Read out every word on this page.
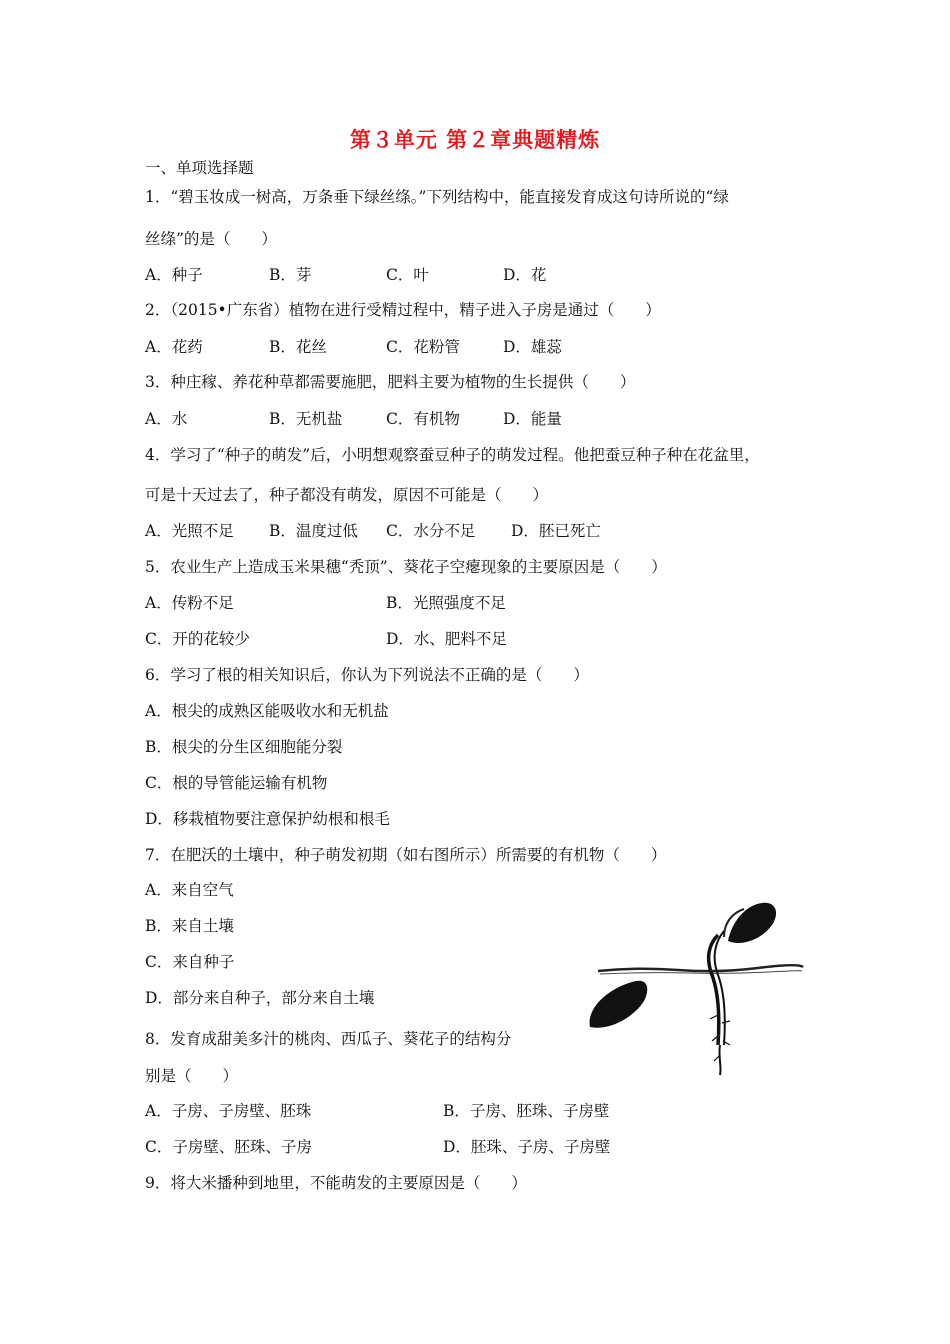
第３单元 第２章典题精炼
一、单项选择题
1．“碧玉妆成一树高，万条垂下绿丝绦。”下列结构中，能直接发育成这句诗所说的“绿
丝绦”的是（　　）
A．种子	B．芽	C．叶	D．花
2．（2015•广东省）植物在进行受精过程中，精子进入子房是通过（　　）
A．花药	B．花丝	C．花粉管	D．雄蕊
3．种庄稼、养花种草都需要施肥，肥料主要为植物的生长提供（　　）
A．水	B．无机盐	C．有机物	D．能量
4．学习了“种子的萌发”后，小明想观察蚕豆种子的萌发过程。他把蚕豆种子种在花盆里，
可是十天过去了，种子都没有萌发，原因不可能是（　　）
A．光照不足 B．温度过低 C．水分不足 D．胚已死亡
5．农业生产上造成玉米果穗“秃顶”、葵花子空瘪现象的主要原因是（　　）
A．传粉不足	B．光照强度不足
C．开的花较少	D．水、肥料不足
6．学习了根的相关知识后，你认为下列说法不正确的是（　　）
A．根尖的成熟区能吸收水和无机盐
B．根尖的分生区细胞能分裂
C．根的导管能运输有机物
D．移栽植物要注意保护幼根和根毛
7．在肥沃的土壤中，种子萌发初期（如右图所示）所需要的有机物（　　）
A．来自空气
B．来自土壤
C．来自种子
D．部分来自种子，部分来自土壤
8．发育成甜美多汁的桃肉、西瓜子、葵花子的结构分
别是（　　）
A．子房、子房壁、胚珠	B．子房、胚珠、子房壁
C．子房壁、胚珠、子房	D．胚珠、子房、子房壁
9．将大米播种到地里，不能萌发的主要原因是（　　）
